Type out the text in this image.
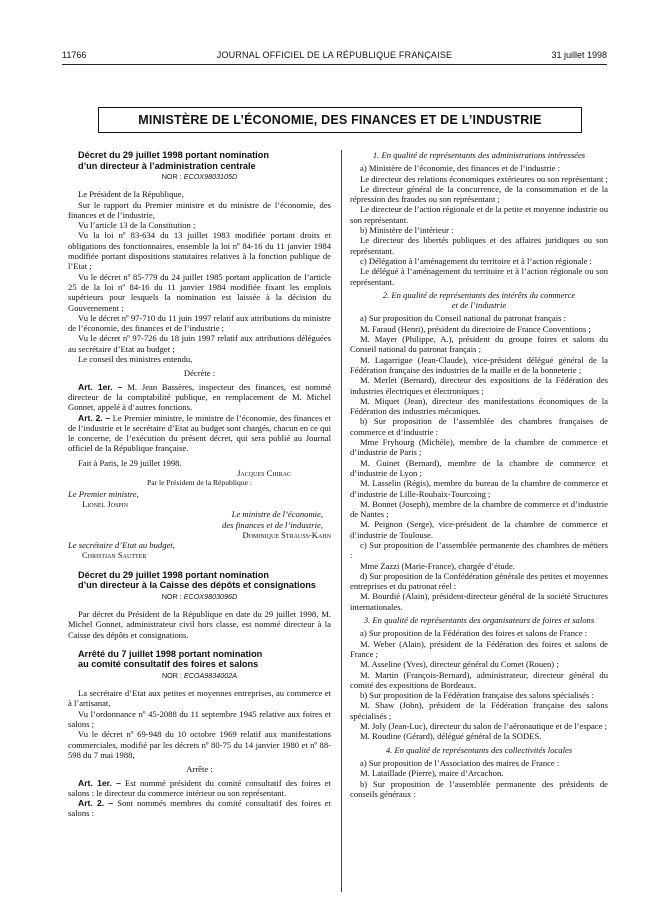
11766	JOURNAL OFFICIEL DE LA RÉPUBLIQUE FRANÇAISE	31 juillet 1998
MINISTÈRE DE L’ÉCONOMIE, DES FINANCES ET DE L’INDUSTRIE

Décret du 29 juillet 1998 portant nomination

d’un directeur à l’administration centrale

NOR : ECOX9803105D

Le Président de la République,

Sur le rapport du Premier ministre et du ministre de l’économie, des finances et de l’industrie,

Vu l’article 13 de la Constitution ;

Vu la loi nº 83-634 du 13 juillet 1983 modifiée portant droits et obligations des fonctionnaires, ensemble la loi nº 84-16 du 11 janvier 1984 modifiée portant dispositions statutaires relatives à la fonction publique de l’Etat ;

Vu le décret nº 85-779 du 24 juillet 1985 portant application de l’article 25 de la loi nº 84-16 du 11 janvier 1984 modifiée fixant les emplois supérieurs pour lesquels la nomination est laissée à la décision du Gouvernement ;

Vu le décret nº 97-710 du 11 juin 1997 relatif aux attributions du ministre de l’économie, des finances et de l’industrie ;

Vu le décret nº 97-726 du 18 juin 1997 relatif aux attributions déléguées au secrétaire d’Etat au budget ;

Le conseil des ministres entendu,

Décrète :

Art. 1er. – M. Jean Bassères, inspecteur des finances, est nommé directeur de la comptabilité publique, en remplacement de M. Michel Gonnet, appelé à d’autres fonctions.

Art. 2. – Le Premier ministre, le ministre de l’économie, des finances et de l’industrie et le secrétaire d’Etat au budget sont chargés, chacun en ce qui le concerne, de l’exécution du présent décret, qui sera publié au Journal officiel de la République française.

Fait à Paris, le 29 juillet 1998.

Jacques Chirac
Par le Président de la République :
Le Premier ministre,
Lionel Jospin
Le ministre de l’économie,
des finances et de l’industrie,
Dominique Strauss-Kahn
Le secrétaire d’Etat au budget,
Christian Sautter

Décret du 29 juillet 1998 portant nomination

d’un directeur à la Caisse des dépôts et consignations

NOR : ECOX9803096D

Par décret du Président de la République en date du 29 juillet 1998, M. Michel Gonnet, administrateur civil hors classe, est nommé directeur à la Caisse des dépôts et consignations.

Arrêté du 7 juillet 1998 portant nomination

au comité consultatif des foires et salons

NOR : ECOA9834002A

La secrétaire d’Etat aux petites et moyennes entreprises, au commerce et à l’artisanat,

Vu l’ordonnance nº 45-2088 du 11 septembre 1945 relative aux foires et salons ;

Vu le décret nº 69-948 du 10 octobre 1969 relatif aux manifestations commerciales, modifié par les décrets nº 80-75 du 14 janvier 1980 et nº 88-598 du 7 mai 1988,

Arrête :

Art. 1er. – Est nommé président du comité consultatif des foires et salons : le directeur du commerce intérieur ou son représentant.

Art. 2. – Sont nommés membres du comité consultatif des foires et salons :

1. En qualité de représentants des administrations intéressées

a) Ministère de l’économie, des finances et de l’industrie :

Le directeur des relations économiques extérieures ou son représentant ;

Le directeur général de la concurrence, de la consommation et de la répression des fraudes ou son représentant ;

Le directeur de l’action régionale et de la petite et moyenne industrie ou son représentant.

b) Ministère de l’intérieur :

Le directeur des libertés publiques et des affaires juridiques ou son représentant.

c) Délégation à l’aménagement du territoire et à l’action régionale :

Le délégué à l’aménagement du territoire et à l’action régionale ou son représentant.

2. En qualité de représentants des intérêts du commerce
et de l’industrie

a) Sur proposition du Conseil national du patronat français :

M. Faraud (Henri), président du directoire de France Conventions ;

M. Mayer (Philippe, A.), président du groupe foires et salons du Conseil national du patronat français ;

M. Lagarrigue (Jean-Claude), vice-président délégué général de la Fédération française des industries de la maille et de la bonneterie ;

M. Merlet (Bernard), directeur des expositions de la Fédération des industries électriques et électroniques ;

M. Miquet (Jean), directeur des manifestations économiques de la Fédération des industries mécaniques.

b) Sur proposition de l’assemblée des chambres françaises de commerce et d’industrie :

Mme Fryhourg (Michèle), membre de la chambre de commerce et d’industrie de Paris ;

M. Guinet (Bernard), membre de la chambre de commerce et d’industrie de Lyon ;

M. Lasselin (Régis), membre du bureau de la chambre de commerce et d’industrie de Lille-Roubaix-Tourcoing ;

M. Bonnet (Joseph), membre de la chambre de commerce et d’industrie de Nantes ;

M. Peignon (Serge), vice-président de la chambre de commerce et d’industrie de Toulouse.

c) Sur proposition de l’assemblée permanente des chambres de métiers :

Mme Zazzi (Marie-France), chargée d’étude.

d) Sur proposition de la Confédération générale des petites et moyennes entreprises et du patronat réel :

M. Bourdié (Alain), président-directeur général de la société Structures internationales.

3. En qualité de représentants des organisateurs de foires et salons

a) Sur proposition de la Fédération des foires et salons de France :

M. Weber (Alain), président de la Fédération des foires et salons de France ;

M. Asseline (Yves), directeur général du Comet (Rouen) ;

M. Martin (François-Bernard), administrateur, directeur général du comité des expositions de Bordeaux.

b) Sur proposition de la Fédération française des salons spécialisés :

M. Shaw (John), président de la Fédération française des salons spécialisés ;

M. Joly (Jean-Luc), directeur du salon de l’aéronautique et de l’espace ;

M. Roudine (Gérard), délégué général de la SODES.

4. En qualité de représentants des collectivités locales

a) Sur proposition de l’Association des maires de France :

M. Lataillade (Pierre), maire d’Arcachon.

b) Sur proposition de l’assemblée permanente des présidents de conseils généraux :
